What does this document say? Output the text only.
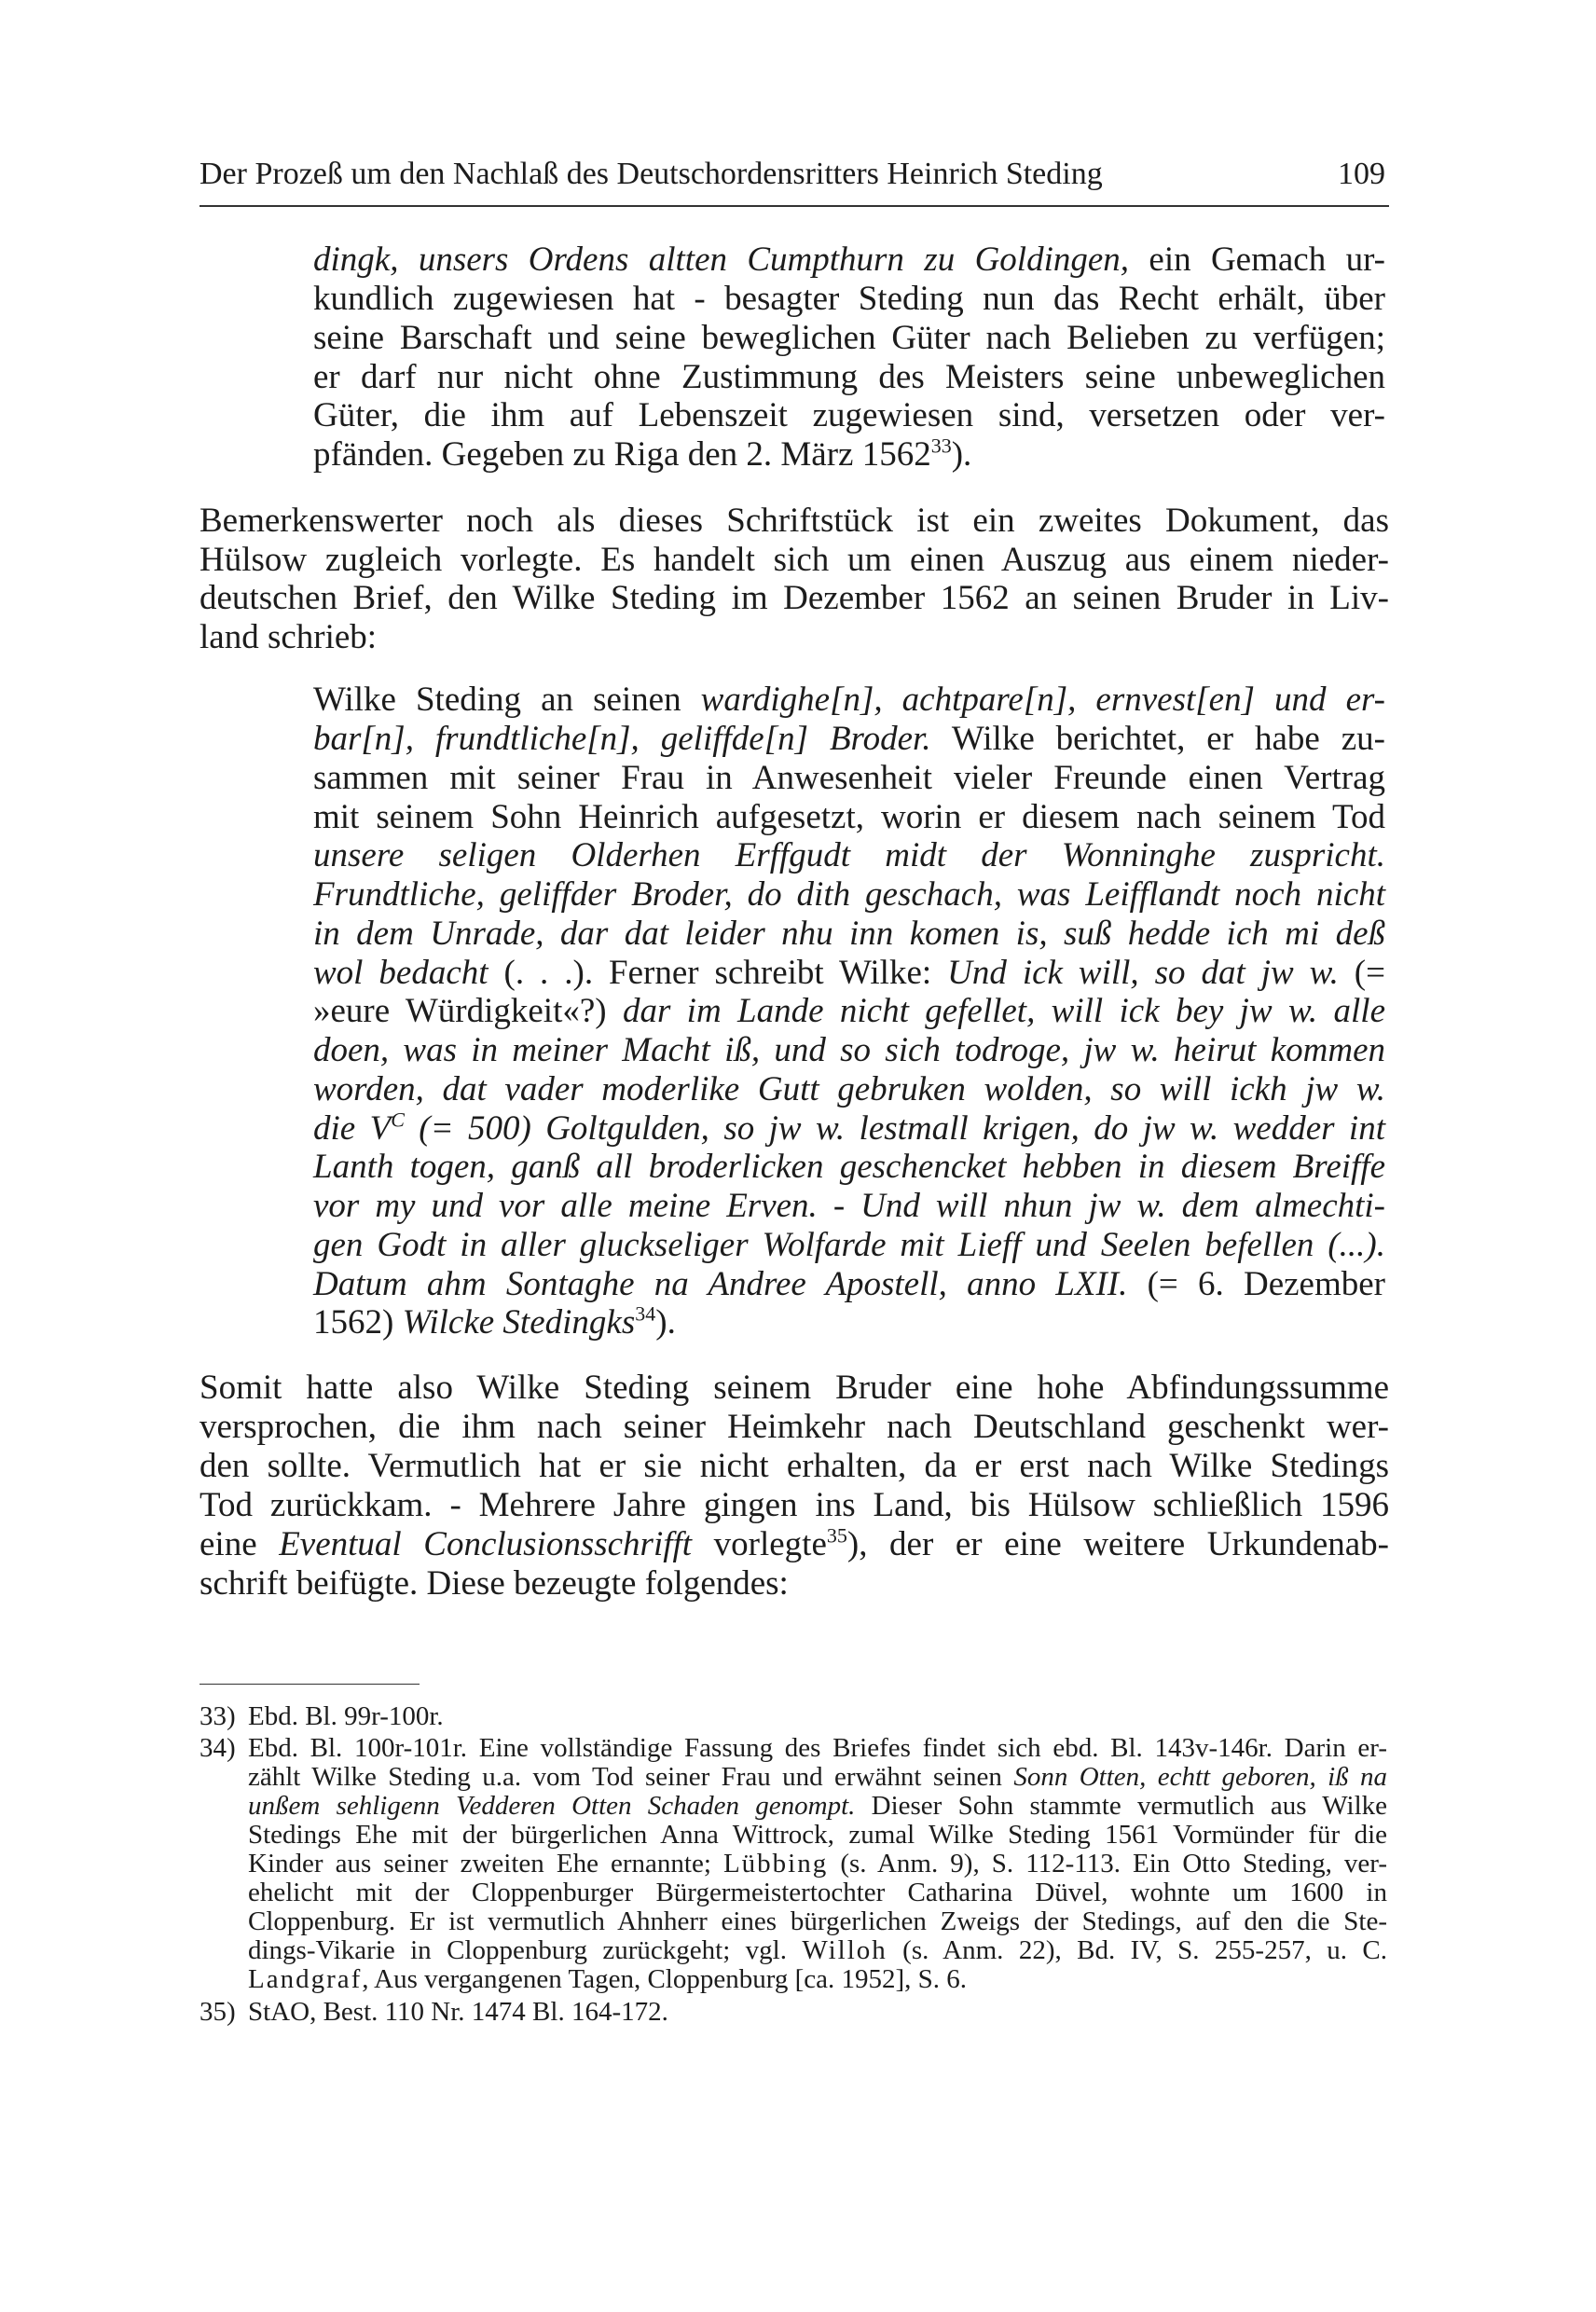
Der Prozeß um den Nachlaß des Deutschordensritters Heinrich Steding	109

dingk, unsers Ordens altten Cumpthurn zu Goldingen, ein Gemach ur-

kundlich zugewiesen hat - besagter Steding nun das Recht erhält, über

seine Barschaft und seine beweglichen Güter nach Belieben zu verfügen;

er darf nur nicht ohne Zustimmung des Meisters seine unbeweglichen

Güter, die ihm auf Lebenszeit zugewiesen sind, versetzen oder ver-

pfänden. Gegeben zu Riga den 2. März 1562$^{33}$).

Bemerkenswerter noch als dieses Schriftstück ist ein zweites Dokument, das

Hülsow zugleich vorlegte. Es handelt sich um einen Auszug aus einem nieder-

deutschen Brief, den Wilke Steding im Dezember 1562 an seinen Bruder in Liv-

land schrieb:

Wilke Steding an seinen wardighe[n], achtpare[n], ernvest[en] und er-

bar[n], frundtliche[n], geliffde[n] Broder. Wilke berichtet, er habe zu-

sammen mit seiner Frau in Anwesenheit vieler Freunde einen Vertrag

mit seinem Sohn Heinrich aufgesetzt, worin er diesem nach seinem Tod

unsere seligen Olderhen Erffgudt midt der Wonninghe zuspricht.

Frundtliche, geliffder Broder, do dith geschach, was Leifflandt noch nicht

in dem Unrade, dar dat leider nhu inn komen is, suß hedde ich mi deß

wol bedacht (. . .). Ferner schreibt Wilke: Und ick will, so dat jw w. (=

»eure Würdigkeit«?) dar im Lande nicht gefellet, will ick bey jw w. alle

doen, was in meiner Macht iß, und so sich todroge, jw w. heirut kommen

worden, dat vader moderlike Gutt gebruken wolden, so will ickh jw w.

die $V^C$ (= 500) Goltgulden, so jw w. lestmall krigen, do jw w. wedder int

Lanth togen, ganß all broderlicken geschencket hebben in diesem Breiffe

vor my und vor alle meine Erven. - Und will nhun jw w. dem almechti-

gen Godt in aller gluckseliger Wolfarde mit Lieff und Seelen befellen (...).

Datum ahm Sontaghe na Andree Apostell, anno LXII. (= 6. Dezember

1562) Wilcke Stedingks$^{34}$).

Somit hatte also Wilke Steding seinem Bruder eine hohe Abfindungssumme

versprochen, die ihm nach seiner Heimkehr nach Deutschland geschenkt wer-

den sollte. Vermutlich hat er sie nicht erhalten, da er erst nach Wilke Stedings

Tod zurückkam. - Mehrere Jahre gingen ins Land, bis Hülsow schließlich 1596

eine Eventual Conclusionsschrifft vorlegte$^{35}$), der er eine weitere Urkundenab-

schrift beifügte. Diese bezeugte folgendes:

33) Ebd. Bl. 99r-100r.
34) Ebd. Bl. 100r-101r. Eine vollständige Fassung des Briefes findet sich ebd. Bl. 143v-146r. Darin er-
zählt Wilke Steding u.a. vom Tod seiner Frau und erwähnt seinen Sonn Otten, echtt geboren, iß na
unßem sehligenn Vedderen Otten Schaden genompt. Dieser Sohn stammte vermutlich aus Wilke
Stedings Ehe mit der bürgerlichen Anna Wittrock, zumal Wilke Steding 1561 Vormünder für die
Kinder aus seiner zweiten Ehe ernannte; Lübbing (s. Anm. 9), S. 112-113. Ein Otto Steding, ver-
ehelicht mit der Cloppenburger Bürgermeistertochter Catharina Düvel, wohnte um 1600 in
Cloppenburg. Er ist vermutlich Ahnherr eines bürgerlichen Zweigs der Stedings, auf den die Ste-
dings-Vikarie in Cloppenburg zurückgeht; vgl. Willoh (s. Anm. 22), Bd. IV, S. 255-257, u. C.
Landgraf, Aus vergangenen Tagen, Cloppenburg [ca. 1952], S. 6.
35) StAO, Best. 110 Nr. 1474 Bl. 164-172.
